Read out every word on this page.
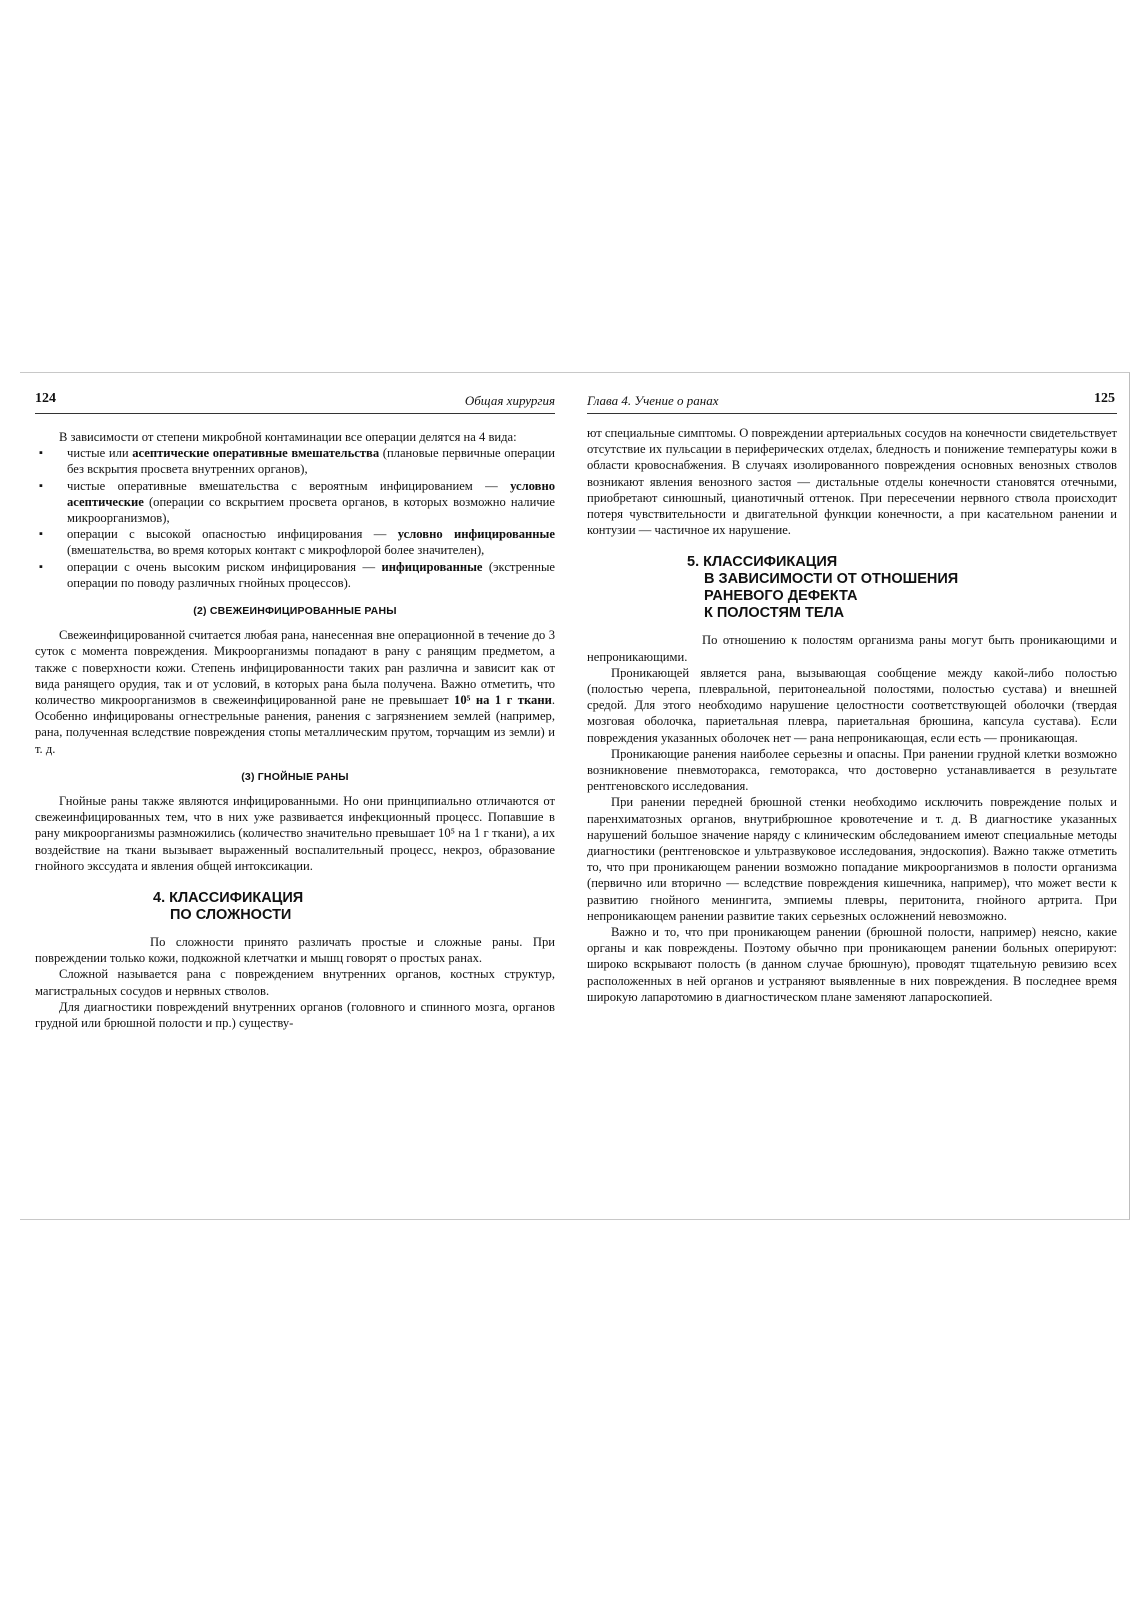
124	Общая хирургия

В зависимости от степени микробной контаминации все операции делятся на 4 вида:

▪ чистые или асептические оперативные вмешательства (плановые первичные операции без вскрытия просвета внутренних органов),
▪ чистые оперативные вмешательства с вероятным инфицированием — условно асептические (операции со вскрытием просвета органов, в которых возможно наличие микроорганизмов),
▪ операции с высокой опасностью инфицирования — условно инфицированные (вмешательства, во время которых контакт с микрофлорой более значителен),
▪ операции с очень высоким риском инфицирования — инфицированные (экстренные операции по поводу различных гнойных процессов).
(2) СВЕЖЕИНФИЦИРОВАННЫЕ РАНЫ

Свежеинфицированной считается любая рана, нанесенная вне операционной в течение до 3 суток с момента повреждения. Микроорганизмы попадают в рану с ранящим предметом, а также с поверхности кожи. Степень инфицированности таких ран различна и зависит как от вида ранящего орудия, так и от условий, в которых рана была получена. Важно отметить, что количество микроорганизмов в свежеинфицированной ране не превышает 10⁵ на 1 г ткани. Особенно инфицированы огнестрельные ранения, ранения с загрязнением землей (например, рана, полученная вследствие повреждения стопы металлическим прутом, торчащим из земли) и т. д.

(3) ГНОЙНЫЕ РАНЫ

Гнойные раны также являются инфицированными. Но они принципиально отличаются от свежеинфицированных тем, что в них уже развивается инфекционный процесс. Попавшие в рану микроорганизмы размножились (количество значительно превышает 10⁵ на 1 г ткани), а их воздействие на ткани вызывает выраженный воспалительный процесс, некроз, образование гнойного экссудата и явления общей интоксикации.

4. КЛАССИФИКАЦИЯ
ПО СЛОЖНОСТИ

По сложности принято различать простые и сложные раны. При повреждении только кожи, подкожной клетчатки и мышц говорят о простых ранах.

Сложной называется рана с повреждением внутренних органов, костных структур, магистральных сосудов и нервных стволов.

Для диагностики повреждений внутренних органов (головного и спинного мозга, органов грудной или брюшной полости и пр.) существу-

Глава 4. Учение о ранах	125

ют специальные симптомы. О повреждении артериальных сосудов на конечности свидетельствует отсутствие их пульсации в периферических отделах, бледность и понижение температуры кожи в области кровоснабжения. В случаях изолированного повреждения основных венозных стволов возникают явления венозного застоя — дистальные отделы конечности становятся отечными, приобретают синюшный, цианотичный оттенок. При пересечении нервного ствола происходит потеря чувствительности и двигательной функции конечности, а при касательном ранении и контузии — частичное их нарушение.

5. КЛАССИФИКАЦИЯ
В ЗАВИСИМОСТИ ОТ ОТНОШЕНИЯ
РАНЕВОГО ДЕФЕКТА
К ПОЛОСТЯМ ТЕЛА

По отношению к полостям организма раны могут быть проникающими и непроникающими.

Проникающей является рана, вызывающая сообщение между какой-либо полостью (полостью черепа, плевральной, перитонеальной полостями, полостью сустава) и внешней средой. Для этого необходимо нарушение целостности соответствующей оболочки (твердая мозговая оболочка, париетальная плевра, париетальная брюшина, капсула сустава). Если повреждения указанных оболочек нет — рана непроникающая, если есть — проникающая.

Проникающие ранения наиболее серьезны и опасны. При ранении грудной клетки возможно возникновение пневмоторакса, гемоторакса, что достоверно устанавливается в результате рентгеновского исследования.

При ранении передней брюшной стенки необходимо исключить повреждение полых и паренхиматозных органов, внутрибрюшное кровотечение и т. д. В диагностике указанных нарушений большое значение наряду с клиническим обследованием имеют специальные методы диагностики (рентгеновское и ультразвуковое исследования, эндоскопия). Важно также отметить то, что при проникающем ранении возможно попадание микроорганизмов в полости организма (первично или вторично — вследствие повреждения кишечника, например), что может вести к развитию гнойного менингита, эмпиемы плевры, перитонита, гнойного артрита. При непроникающем ранении развитие таких серьезных осложнений невозможно.

Важно и то, что при проникающем ранении (брюшной полости, например) неясно, какие органы и как повреждены. Поэтому обычно при проникающем ранении больных оперируют: широко вскрывают полость (в данном случае брюшную), проводят тщательную ревизию всех расположенных в ней органов и устраняют выявленные в них повреждения. В последнее время широкую лапаротомию в диагностическом плане заменяют лапароскопией.
